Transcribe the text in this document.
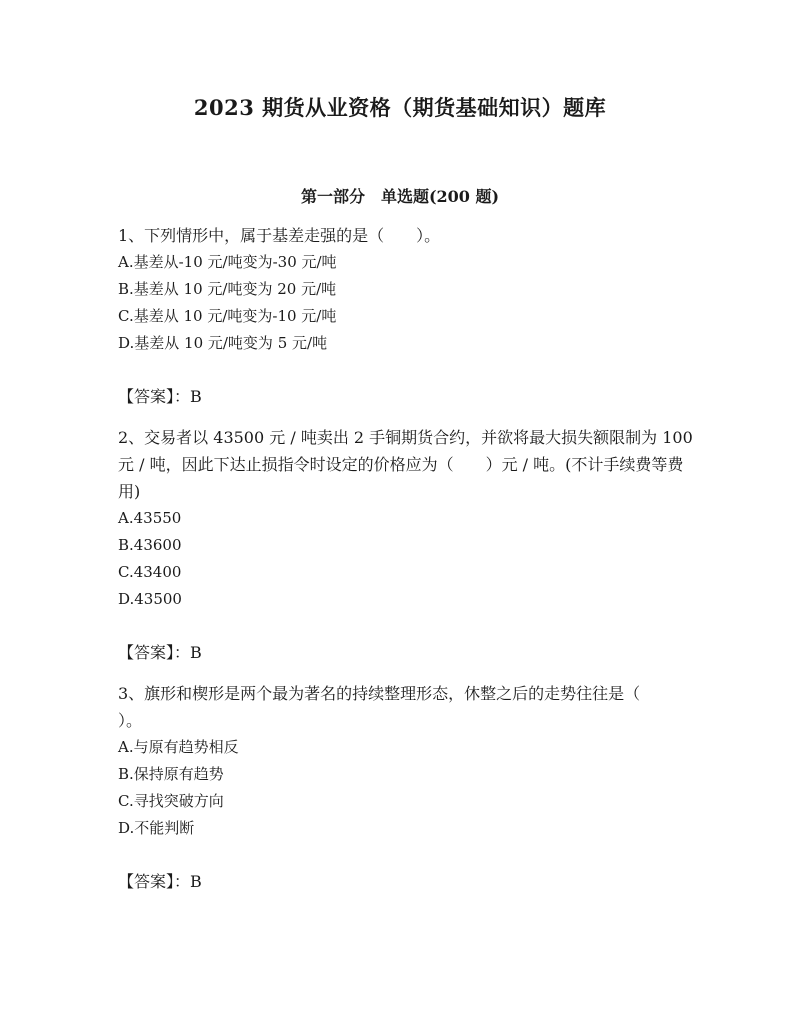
2023 期货从业资格（期货基础知识）题库
第一部分　单选题(200 题)

1、下列情形中，属于基差走强的是（　　）。

A.基差从-10 元/吨变为-30 元/吨
B.基差从 10 元/吨变为 20 元/吨
C.基差从 10 元/吨变为-10 元/吨
D.基差从 10 元/吨变为 5 元/吨

【答案】：B

2、交易者以 43500 元 / 吨卖出 2 手铜期货合约，并欲将最大损失额限制为 100 元 / 吨，因此下达止损指令时设定的价格应为（　　）元 / 吨。(不计手续费等费用)

A.43550
B.43600
C.43400
D.43500

【答案】：B

3、旗形和楔形是两个最为著名的持续整理形态，休整之后的走势往往是（　　）。

A.与原有趋势相反
B.保持原有趋势
C.寻找突破方向
D.不能判断

【答案】：B
